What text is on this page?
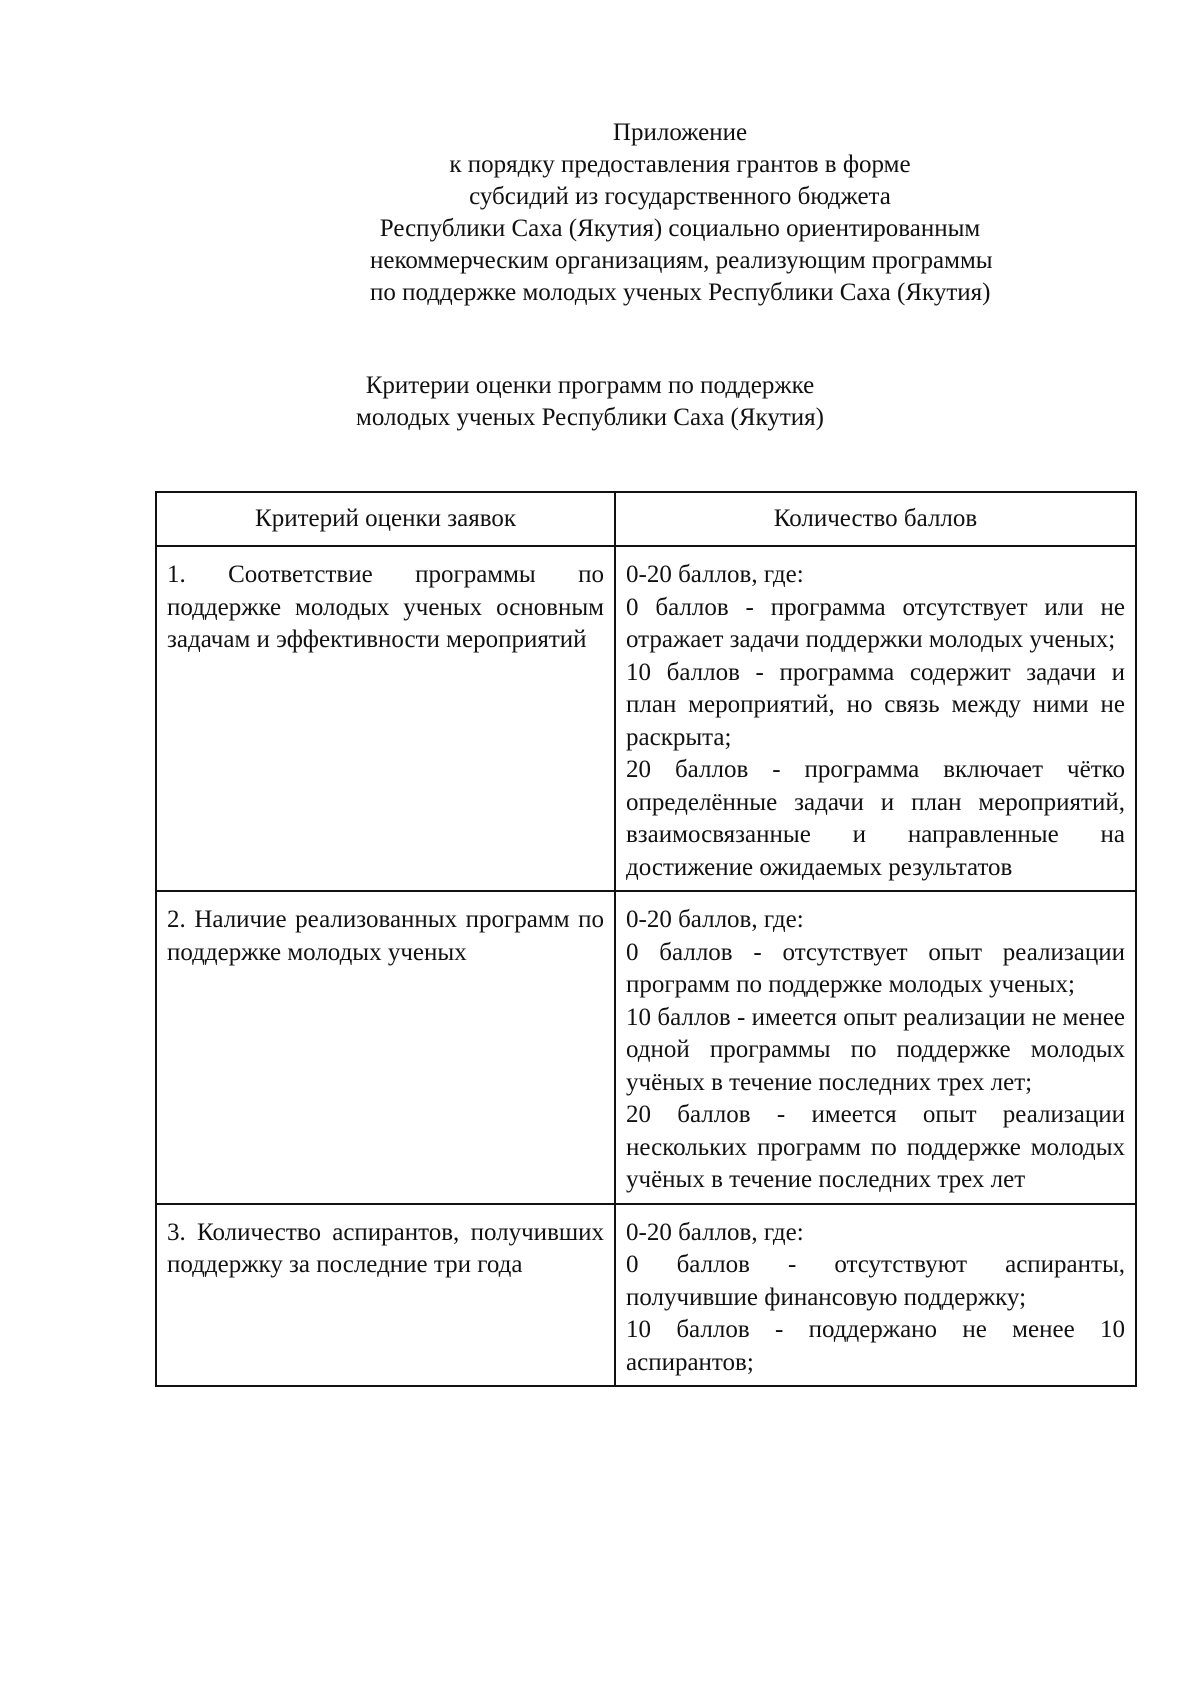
Приложение
к порядку предоставления грантов в форме
субсидий из государственного бюджета
Республики Саха (Якутия) социально ориентированным
некоммерческим организациям, реализующим программы
по поддержке молодых ученых Республики Саха (Якутия)
Критерии оценки программ по поддержке
молодых ученых Республики Саха (Якутия)
Критерий оценки заявок	Количество баллов
1. Соответствие программы по поддержке молодых ученых основным задачам и эффективности мероприятий	0-20 баллов, где:
0 баллов - программа отсутствует или не отражает задачи поддержки молодых ученых;
10 баллов - программа содержит задачи и план мероприятий, но связь между ними не раскрыта;
20 баллов - программа включает чётко определённые задачи и план мероприятий, взаимосвязанные и направленные на достижение ожидаемых результатов

2. Наличие реализованных программ по поддержке молодых ученых	0-20 баллов, где:
0 баллов - отсутствует опыт реализации программ по поддержке молодых ученых;
10 баллов - имеется опыт реализации не менее одной программы по поддержке молодых учёных в течение последних трех лет;
20 баллов - имеется опыт реализации нескольких программ по поддержке молодых учёных в течение последних трех лет

3. Количество аспирантов, получивших поддержку за последние три года	0-20 баллов, где:
0 баллов - отсутствуют аспиранты, получившие финансовую поддержку;
10 баллов - поддержано не менее 10 аспирантов;
